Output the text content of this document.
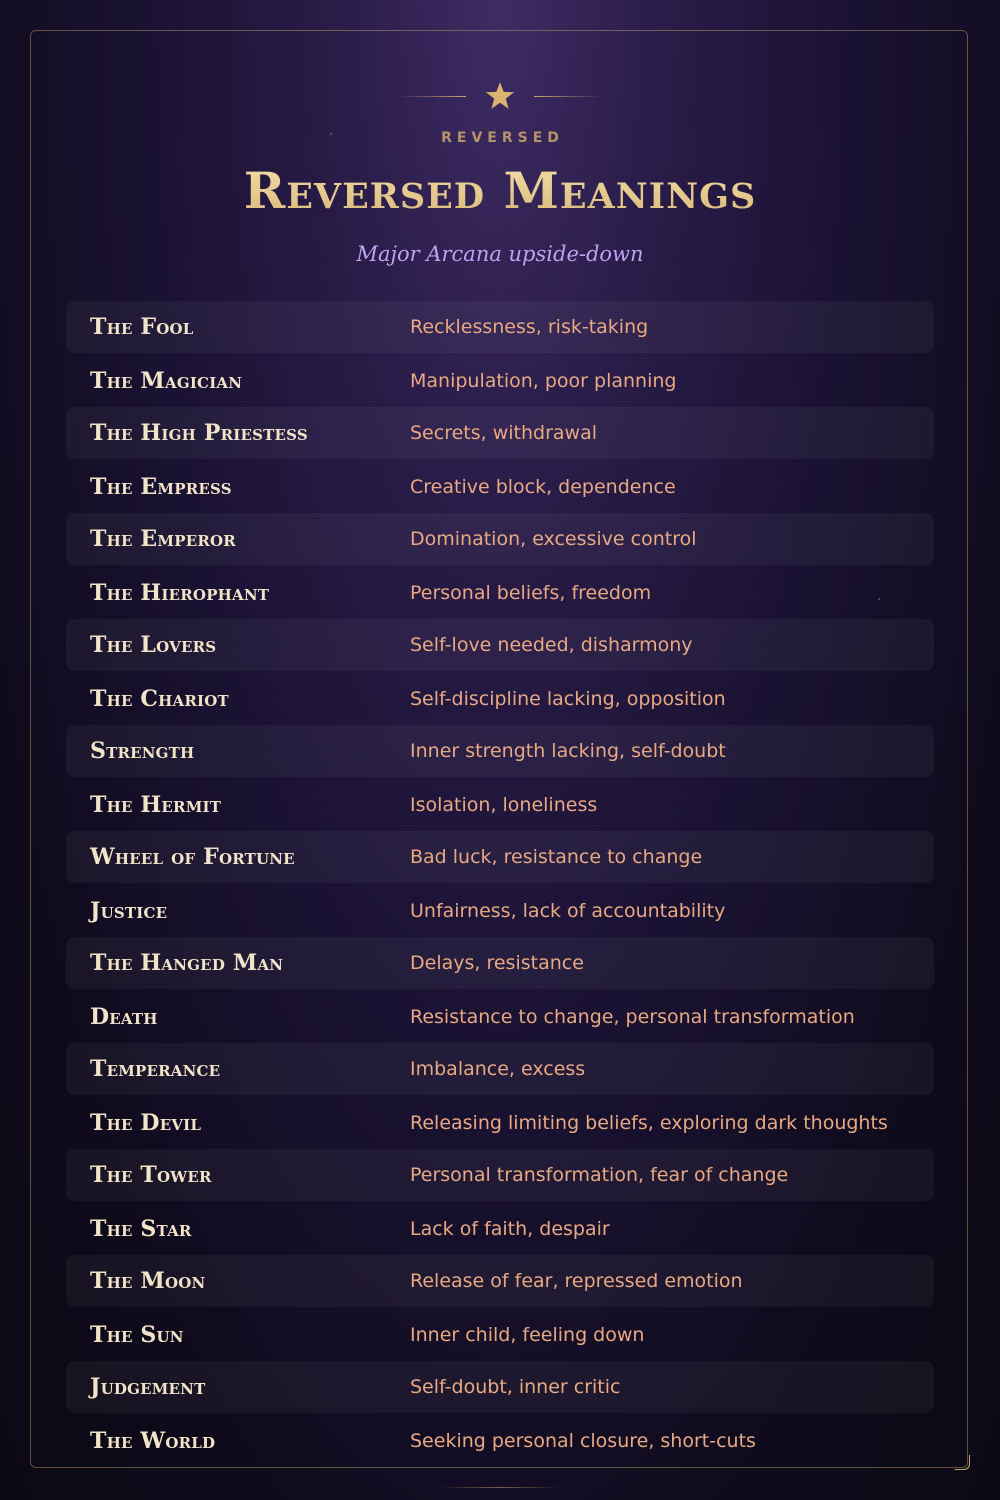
REVERSED
Reversed Meanings
Major Arcana upside-down
The Fool	Recklessness, risk-taking
The Magician	Manipulation, poor planning
The High Priestess	Secrets, withdrawal
The Empress	Creative block, dependence
The Emperor	Domination, excessive control
The Hierophant	Personal beliefs, freedom
The Lovers	Self-love needed, disharmony
The Chariot	Self-discipline lacking, opposition
Strength	Inner strength lacking, self-doubt
The Hermit	Isolation, loneliness
Wheel of Fortune	Bad luck, resistance to change
Justice	Unfairness, lack of accountability
The Hanged Man	Delays, resistance
Death	Resistance to change, personal transformation
Temperance	Imbalance, excess
The Devil	Releasing limiting beliefs, exploring dark thoughts
The Tower	Personal transformation, fear of change
The Star	Lack of faith, despair
The Moon	Release of fear, repressed emotion
The Sun	Inner child, feeling down
Judgement	Self-doubt, inner critic
The World	Seeking personal closure, short-cuts
